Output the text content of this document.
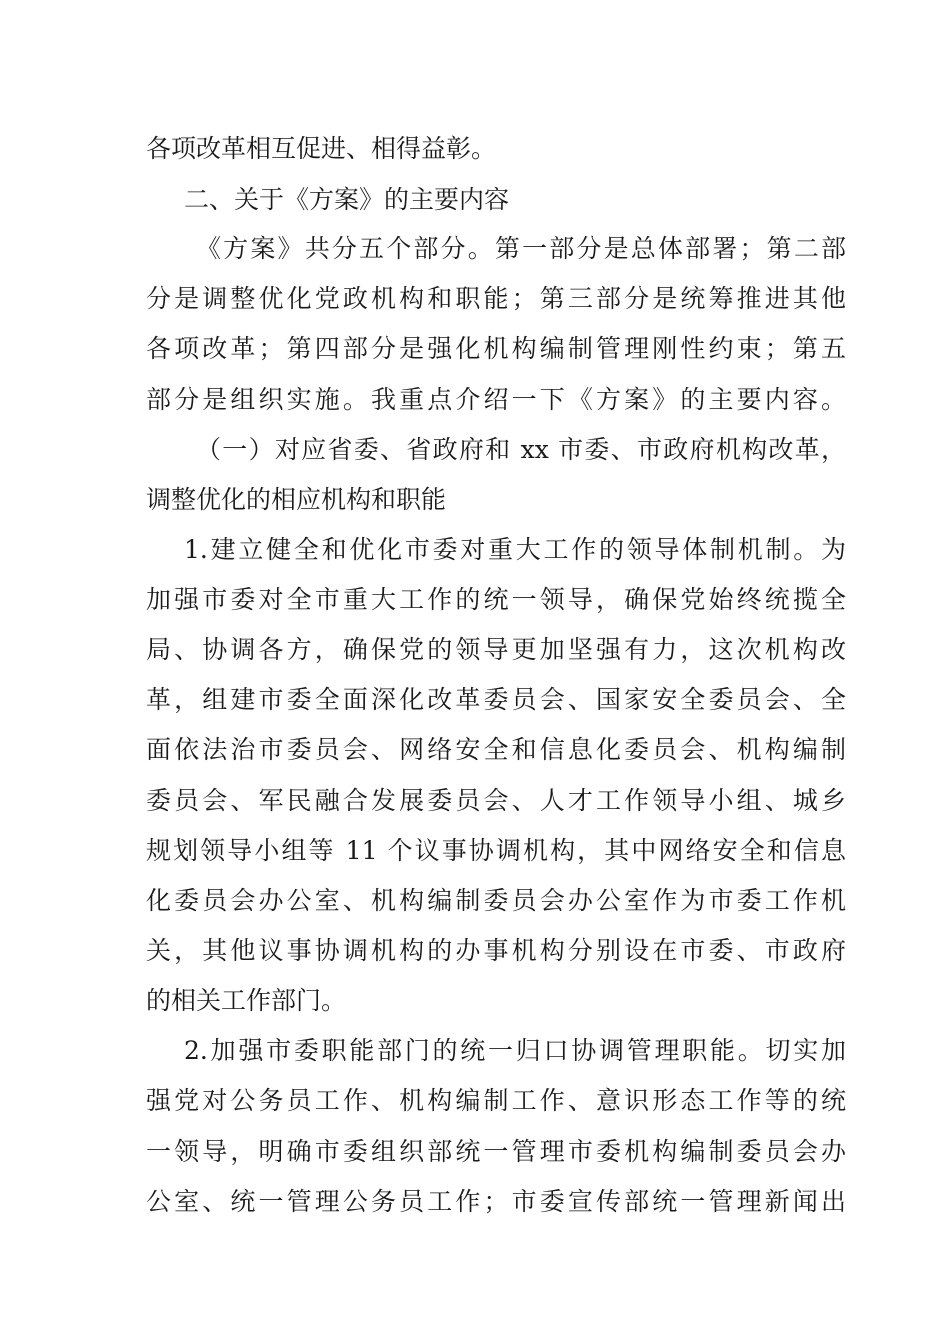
各项改革相互促进、相得益彰。

二、关于《方案》的主要内容

《方案》共分五个部分。第一部分是总体部署；第二部

分是调整优化党政机构和职能；第三部分是统筹推进其他

各项改革；第四部分是强化机构编制管理刚性约束；第五

部分是组织实施。我重点介绍一下《方案》的主要内容。

（一）对应省委、省政府和 xx 市委、市政府机构改革，

调整优化的相应机构和职能

1.建立健全和优化市委对重大工作的领导体制机制。为

加强市委对全市重大工作的统一领导，确保党始终统揽全

局、协调各方，确保党的领导更加坚强有力，这次机构改

革，组建市委全面深化改革委员会、国家安全委员会、全

面依法治市委员会、网络安全和信息化委员会、机构编制

委员会、军民融合发展委员会、人才工作领导小组、城乡

规划领导小组等 11 个议事协调机构，其中网络安全和信息

化委员会办公室、机构编制委员会办公室作为市委工作机

关，其他议事协调机构的办事机构分别设在市委、市政府

的相关工作部门。

2.加强市委职能部门的统一归口协调管理职能。切实加

强党对公务员工作、机构编制工作、意识形态工作等的统

一领导，明确市委组织部统一管理市委机构编制委员会办

公室、统一管理公务员工作；市委宣传部统一管理新闻出
